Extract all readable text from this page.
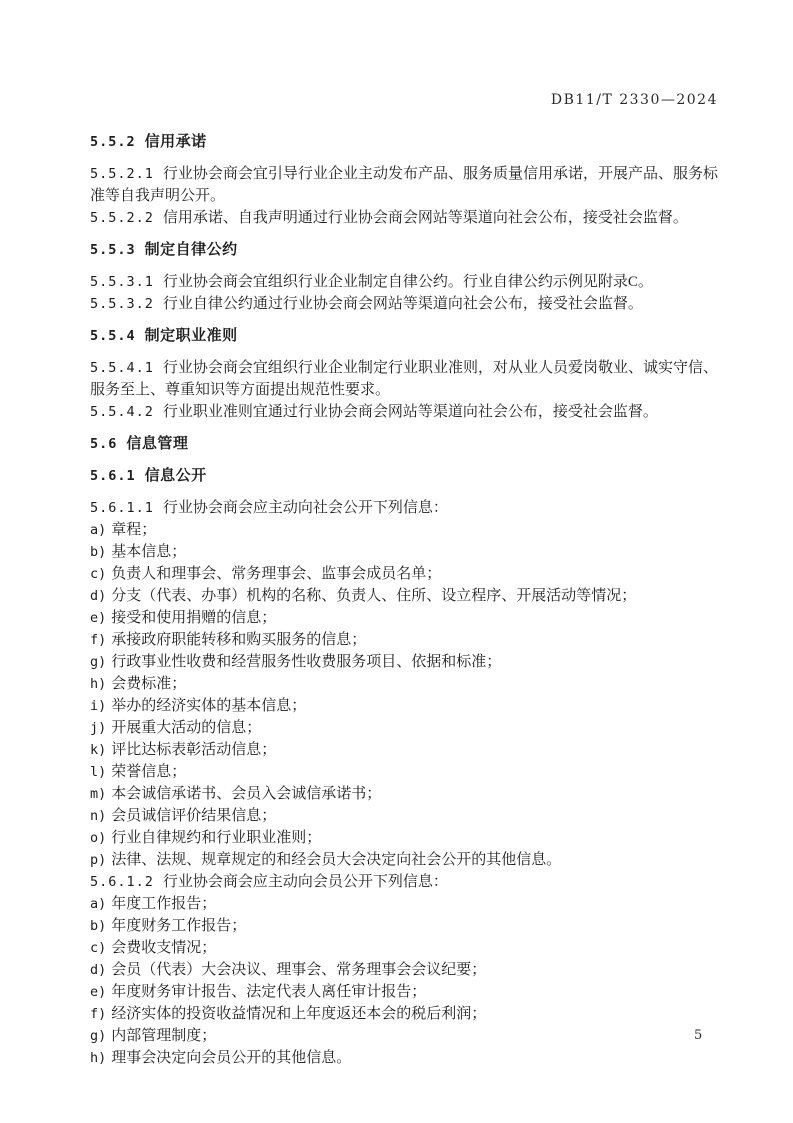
DB11/T 2330—2024

5.5.2 信用承诺

5.5.2.1 行业协会商会宜引导行业企业主动发布产品、服务质量信用承诺，开展产品、服务标准等自我声明公开。

5.5.2.2 信用承诺、自我声明通过行业协会商会网站等渠道向社会公布，接受社会监督。

5.5.3 制定自律公约

5.5.3.1 行业协会商会宜组织行业企业制定自律公约。行业自律公约示例见附录C。

5.5.3.2 行业自律公约通过行业协会商会网站等渠道向社会公布，接受社会监督。

5.5.4 制定职业准则

5.5.4.1 行业协会商会宜组织行业企业制定行业职业准则，对从业人员爱岗敬业、诚实守信、服务至上、尊重知识等方面提出规范性要求。

5.5.4.2 行业职业准则宜通过行业协会商会网站等渠道向社会公布，接受社会监督。

5.6 信息管理

5.6.1 信息公开

5.6.1.1 行业协会商会应主动向社会公开下列信息：

a) 章程；

b) 基本信息；

c) 负责人和理事会、常务理事会、监事会成员名单；

d) 分支（代表、办事）机构的名称、负责人、住所、设立程序、开展活动等情况；

e) 接受和使用捐赠的信息；

f) 承接政府职能转移和购买服务的信息；

g) 行政事业性收费和经营服务性收费服务项目、依据和标准；

h) 会费标准；

i) 举办的经济实体的基本信息；

j) 开展重大活动的信息；

k) 评比达标表彰活动信息；

l) 荣誉信息；

m) 本会诚信承诺书、会员入会诚信承诺书；

n) 会员诚信评价结果信息；

o) 行业自律规约和行业职业准则；

p) 法律、法规、规章规定的和经会员大会决定向社会公开的其他信息。

5.6.1.2 行业协会商会应主动向会员公开下列信息：

a) 年度工作报告；

b) 年度财务工作报告；

c) 会费收支情况；

d) 会员（代表）大会决议、理事会、常务理事会会议纪要；

e) 年度财务审计报告、法定代表人离任审计报告；

f) 经济实体的投资收益情况和上年度返还本会的税后利润；

g) 内部管理制度；

h) 理事会决定向会员公开的其他信息。

5
